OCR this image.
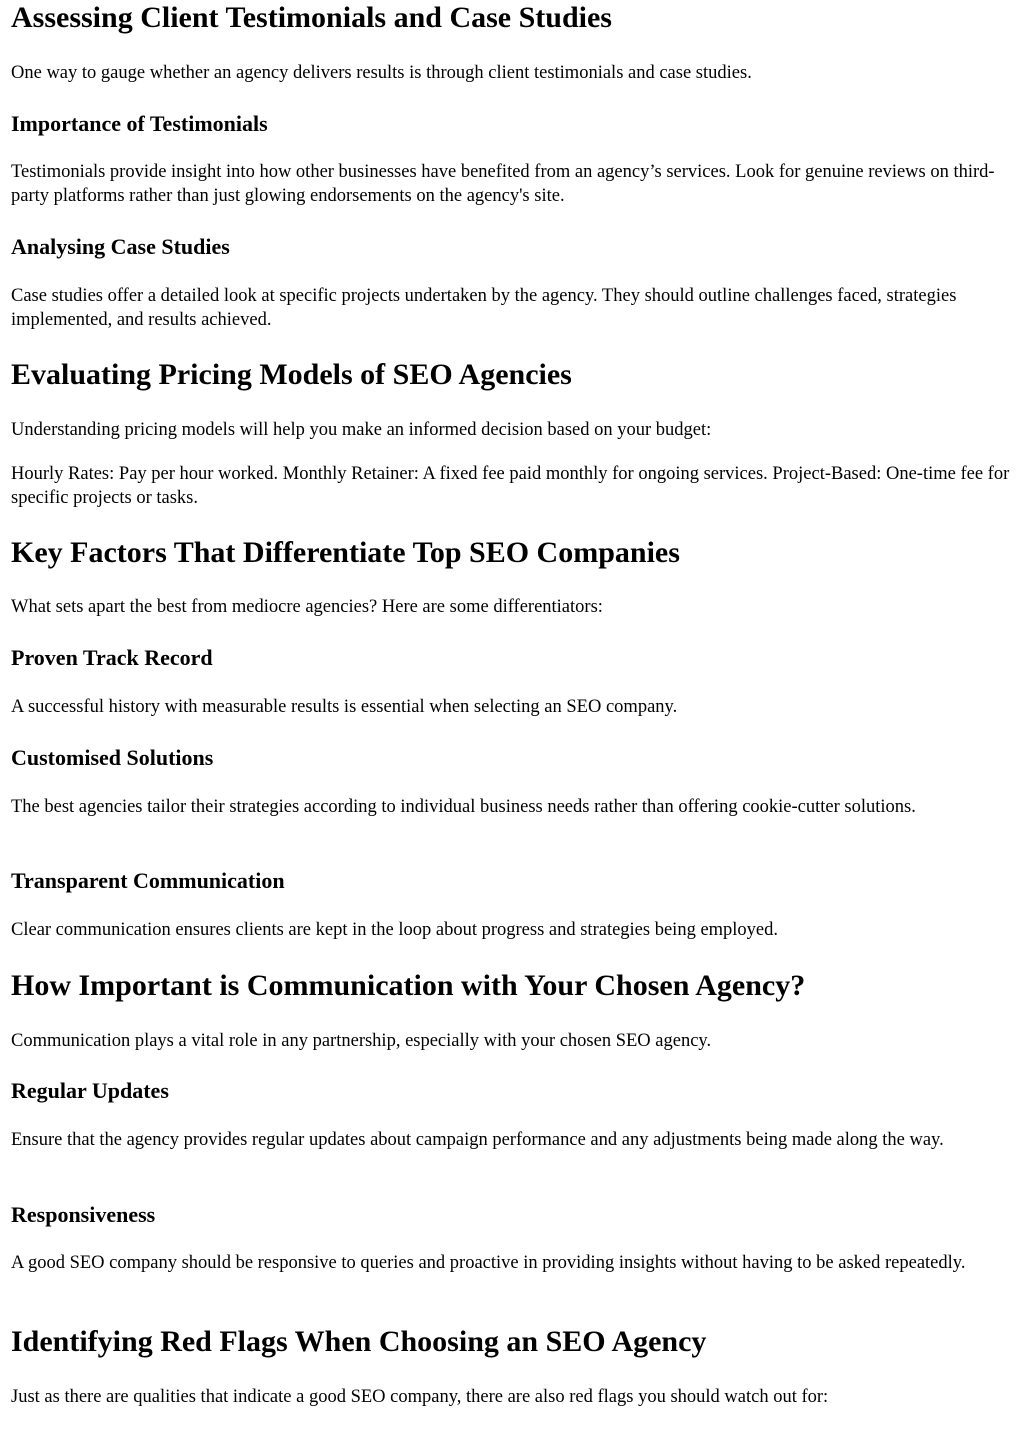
Assessing Client Testimonials and Case Studies

One way to gauge whether an agency delivers results is through client testimonials and case studies.

Importance of Testimonials

Testimonials provide insight into how other businesses have benefited from an agency’s services. Look for genuine reviews on third-party platforms rather than just glowing endorsements on the agency's site.

Analysing Case Studies

Case studies offer a detailed look at specific projects undertaken by the agency. They should outline challenges faced, strategies implemented, and results achieved.

Evaluating Pricing Models of SEO Agencies

Understanding pricing models will help you make an informed decision based on your budget:

Hourly Rates: Pay per hour worked. Monthly Retainer: A fixed fee paid monthly for ongoing services. Project-Based: One-time fee for specific projects or tasks.

Key Factors That Differentiate Top SEO Companies

What sets apart the best from mediocre agencies? Here are some differentiators:

Proven Track Record

A successful history with measurable results is essential when selecting an SEO company.

Customised Solutions

The best agencies tailor their strategies according to individual business needs rather than offering cookie-cutter solutions.

Transparent Communication

Clear communication ensures clients are kept in the loop about progress and strategies being employed.

How Important is Communication with Your Chosen Agency?

Communication plays a vital role in any partnership, especially with your chosen SEO agency.

Regular Updates

Ensure that the agency provides regular updates about campaign performance and any adjustments being made along the way.

Responsiveness

A good SEO company should be responsive to queries and proactive in providing insights without having to be asked repeatedly.

Identifying Red Flags When Choosing an SEO Agency

Just as there are qualities that indicate a good SEO company, there are also red flags you should watch out for:
